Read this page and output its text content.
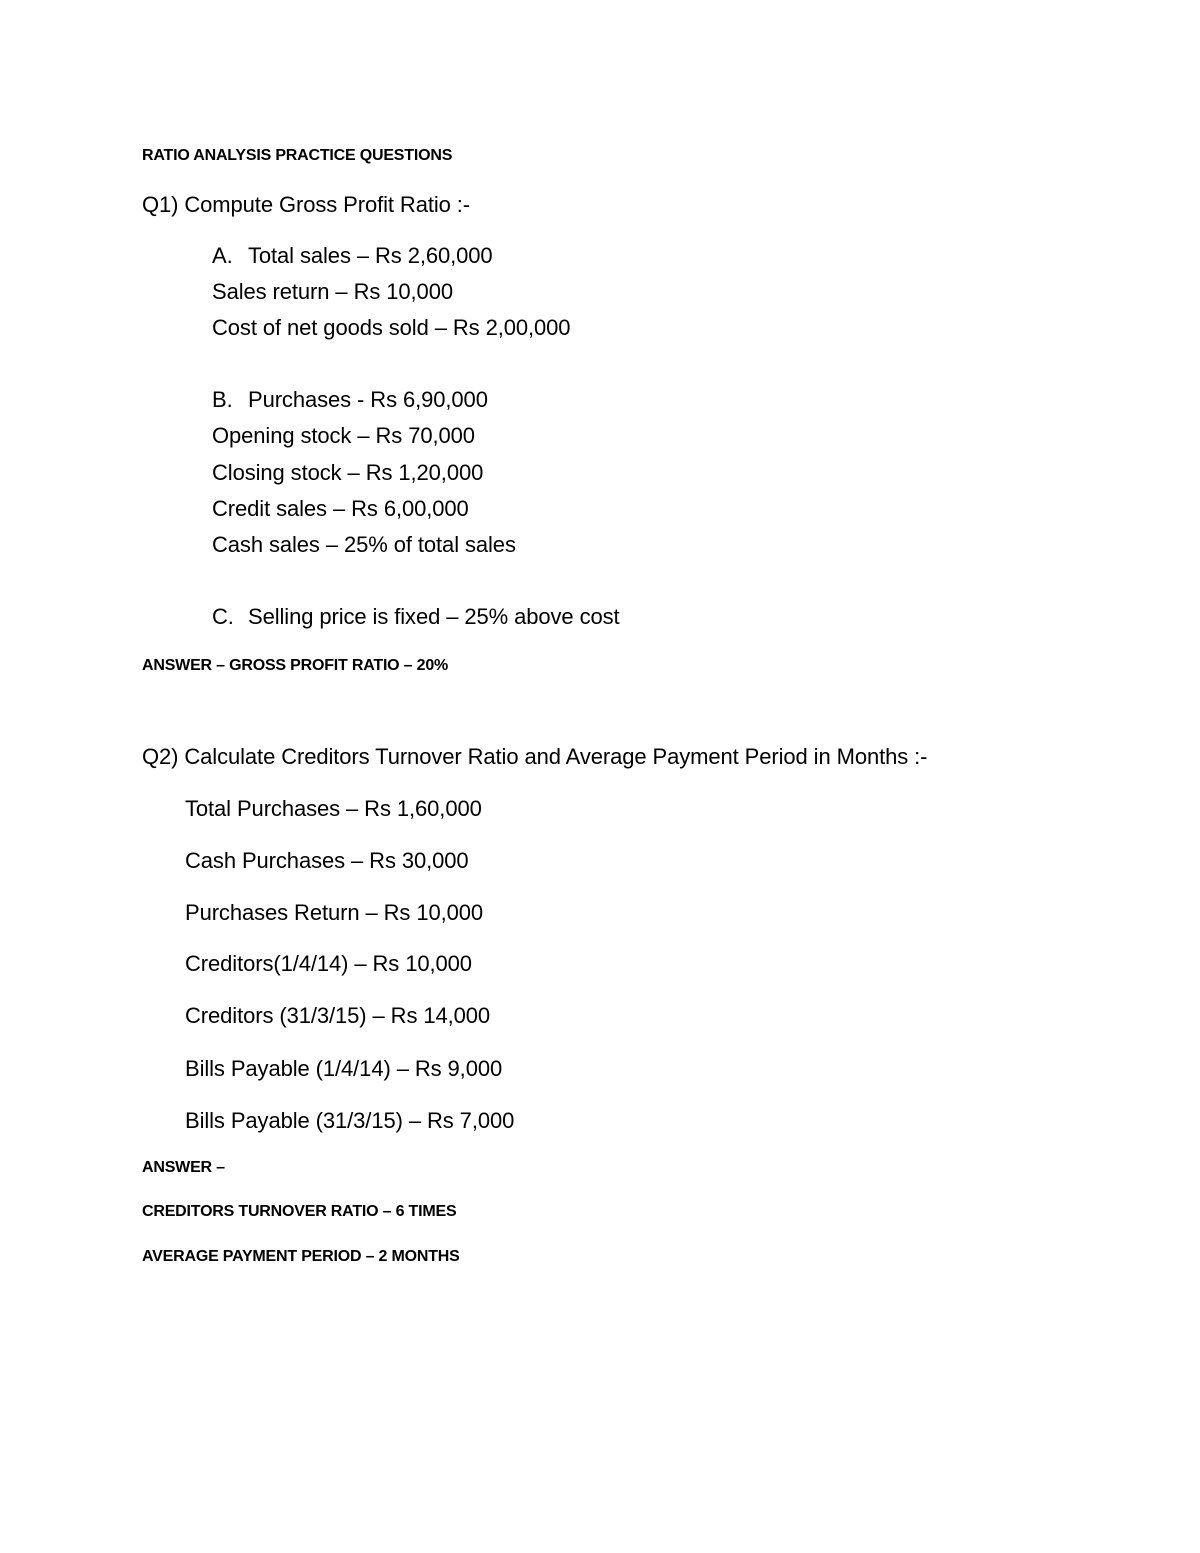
RATIO ANALYSIS PRACTICE QUESTIONS
Q1) Compute Gross Profit Ratio :-
A. Total sales – Rs 2,60,000
Sales return – Rs 10,000
Cost of net goods sold – Rs 2,00,000
B. Purchases - Rs 6,90,000
Opening stock – Rs 70,000
Closing stock – Rs 1,20,000
Credit sales – Rs 6,00,000
Cash sales – 25% of total sales
C. Selling price is fixed – 25% above cost
ANSWER – GROSS PROFIT RATIO – 20%
Q2) Calculate Creditors Turnover Ratio and Average Payment Period in Months :-
Total Purchases – Rs 1,60,000
Cash Purchases – Rs 30,000
Purchases Return – Rs 10,000
Creditors(1/4/14) – Rs 10,000
Creditors (31/3/15) – Rs 14,000
Bills Payable (1/4/14) – Rs 9,000
Bills Payable (31/3/15) – Rs 7,000
ANSWER –
CREDITORS TURNOVER RATIO – 6 TIMES
AVERAGE PAYMENT PERIOD – 2 MONTHS
